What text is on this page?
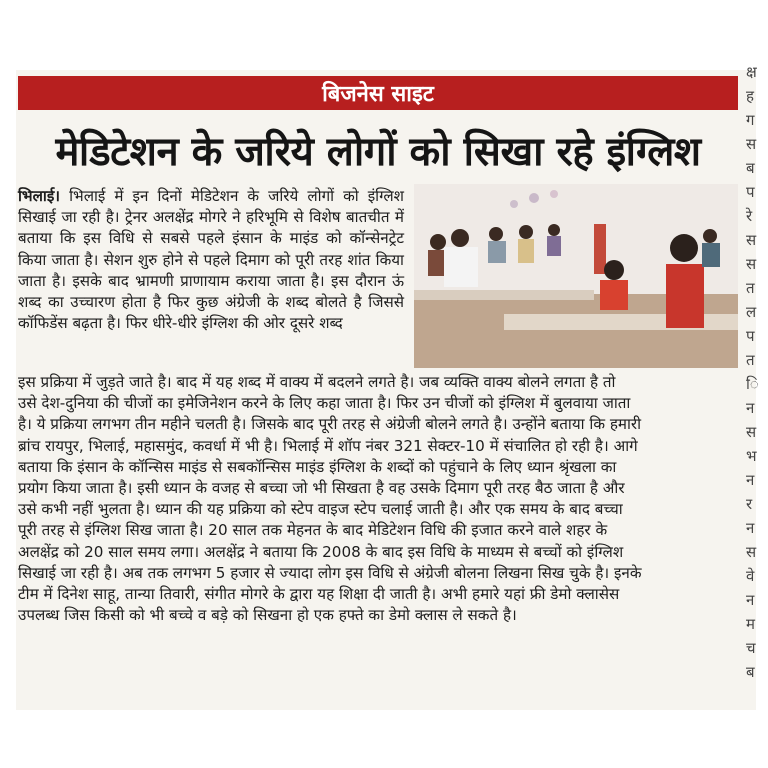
बिजनेस साइट
मेडिटेशन के जरिये लोगों को सिखा रहे इंग्लिश
भिलाई। भिलाई में इन दिनों मेडिटेशन के जरिये लोगों को इंग्लिश सिखाई जा रही है। ट्रेनर अलक्षेंद्र मोगरे ने हरिभूमि से विशेष बातचीत में बताया कि इस विधि से सबसे पहले इंसान के माइंड को कॉन्सेनट्रेट किया जाता है। सेशन शुरु होने से पहले दिमाग को पूरी तरह शांत किया जाता है। इसके बाद भ्रामणी प्राणायाम कराया जाता है। इस दौरान ऊं शब्द का उच्चारण होता है फिर कुछ अंग्रेजी के शब्द बोलते है जिससे कॉफिडेंस बढ़ता है। फिर धीरे-धीरे इंग्लिश की ओर दूसरे शब्द
इस प्रक्रिया में जुड़ते जाते है। बाद में यह शब्द में वाक्य में बदलने लगते है। जब व्यक्ति वाक्य बोलने लगता है तो
उसे देश-दुनिया की चीजों का इमेजिनेशन करने के लिए कहा जाता है। फिर उन चीजों को इंग्लिश में बुलवाया जाता
है। ये प्रक्रिया लगभग तीन महीने चलती है। जिसके बाद पूरी तरह से अंग्रेजी बोलने लगते है। उन्होंने बताया कि हमारी
ब्रांच रायपुर, भिलाई, महासमुंद, कवर्धा में भी है। भिलाई में शॉप नंबर 321 सेक्टर-10 में संचालित हो रही है। आगे
बताया कि इंसान के कॉन्सिस माइंड से सबकॉन्सिस माइंड इंग्लिश के शब्दों को पहुंचाने के लिए ध्यान श्रृंखला का
प्रयोग किया जाता है। इसी ध्यान के वजह से बच्चा जो भी सिखता है वह उसके दिमाग पूरी तरह बैठ जाता है और
उसे कभी नहीं भुलता है। ध्यान की यह प्रक्रिया को स्टेप वाइज स्टेप चलाई जाती है। और एक समय के बाद बच्चा
पूरी तरह से इंग्लिश सिख जाता है। 20 साल तक मेहनत के बाद मेडिटेशन विधि की इजात करने वाले शहर के
अलक्षेंद्र को 20 साल समय लगा। अलक्षेंद्र ने बताया कि 2008 के बाद इस विधि के माध्यम से बच्चों को इंग्लिश
सिखाई जा रही है। अब तक लगभग 5 हजार से ज्यादा लोग इस विधि से अंग्रेजी बोलना लिखना सिख चुके है। इनके
टीम में दिनेश साहू, तान्या तिवारी, संगीत मोगरे के द्वारा यह शिक्षा दी जाती है। अभी हमारे यहां फ्री डेमो क्लासेस
उपलब्ध जिस किसी को भी बच्चे व बड़े को सिखना हो एक हफ्ते का डेमो क्लास ले सकते है।
क्ष
ह
ग
स
ब
प
रे
स
स
त
ल
प
त
ि
न
स
भ
न
र
न
स
वे
न
म
च
ब
